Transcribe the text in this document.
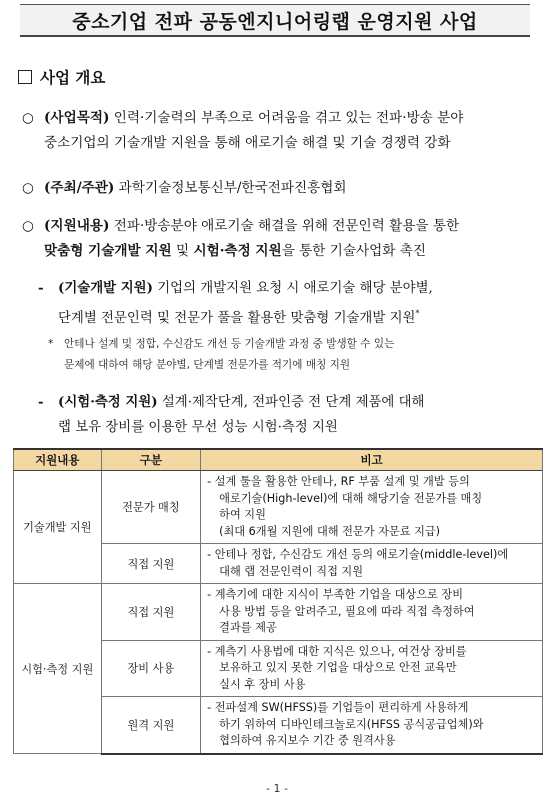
중소기업 전파 공동엔지니어링랩 운영지원 사업
사업 개요
○ (사업목적) 인력·기술력의 부족으로 어려움을 겪고 있는 전파·방송 분야
중소기업의 기술개발 지원을 통해 애로기술 해결 및 기술 경쟁력 강화
○ (주최/주관) 과학기술정보통신부/한국전파진흥협회
○ (지원내용) 전파·방송분야 애로기술 해결을 위해 전문인력 활용을 통한
맞춤형 기술개발 지원 및 시험·측정 지원을 통한 기술사업화 촉진
- (기술개발 지원) 기업의 개발지원 요청 시 애로기술 해당 분야별,
단계별 전문인력 및 전문가 풀을 활용한 맞춤형 기술개발 지원*
* 안테나 설계 및 정합, 수신감도 개선 등 기술개발 과정 중 발생할 수 있는
문제에 대하여 해당 분야별, 단계별 전문가를 적기에 매칭 지원
- (시험·측정 지원) 설계·제작단계, 전파인증 전 단계 제품에 대해
랩 보유 장비를 이용한 무선 성능 시험·측정 지원
지원내용	구분	비고
기술개발 지원	전문가 매칭	- 설계 툴을 활용한 안테나, RF 부품 설계 및 개발 등의
애로기술(High-level)에 대해 해당기술 전문가를 매칭
하여 지원
(최대 6개월 지원에 대해 전문가 자문료 지급)

	직접 지원	- 안테나 정합, 수신감도 개선 등의 애로기술(middle-level)에
대해 랩 전문인력이 직접 지원

시험·측정 지원	직접 지원	- 계측기에 대한 지식이 부족한 기업을 대상으로 장비
사용 방법 등을 알려주고, 필요에 따라 직접 측정하여
결과를 제공

	장비 사용	- 계측기 사용법에 대한 지식은 있으나, 여건상 장비를
보유하고 있지 못한 기업을 대상으로 안전 교육만
실시 후 장비 사용

	원격 지원	- 전파설계 SW(HFSS)를 기업들이 편리하게 사용하게
하기 위하여 디바인테크놀로지(HFSS 공식공급업체)와
협의하여 유지보수 기간 중 원격사용
- 1 -
